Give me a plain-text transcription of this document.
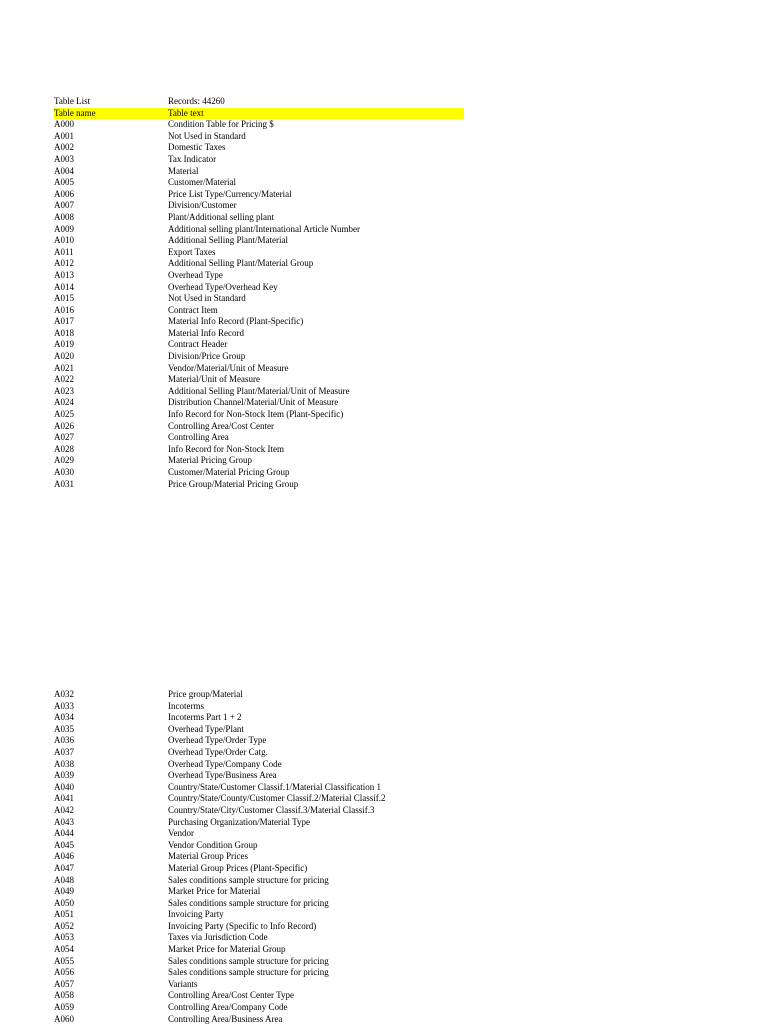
Table List	Records: 44260
Table name	Table text
A000	Condition Table for Pricing $
A001	Not Used in Standard
A002	Domestic Taxes
A003	Tax Indicator
A004	Material
A005	Customer/Material
A006	Price List Type/Currency/Material
A007	Division/Customer
A008	Plant/Additional selling plant
A009	Additional selling plant/International Article Number
A010	Additional Selling Plant/Material
A011	Export Taxes
A012	Additional Selling Plant/Material Group
A013	Overhead Type
A014	Overhead Type/Overhead Key
A015	Not Used in Standard
A016	Contract Item
A017	Material Info Record (Plant-Specific)
A018	Material Info Record
A019	Contract Header
A020	Division/Price Group
A021	Vendor/Material/Unit of Measure
A022	Material/Unit of Measure
A023	Additional Selling Plant/Material/Unit of Measure
A024	Distribution Channel/Material/Unit of Measure
A025	Info Record for Non-Stock Item (Plant-Specific)
A026	Controlling Area/Cost Center
A027	Controlling Area
A028	Info Record for Non-Stock Item
A029	Material Pricing Group
A030	Customer/Material Pricing Group
A031	Price Group/Material Pricing Group
A032	Price group/Material
A033	Incoterms
A034	Incoterms Part 1 + 2
A035	Overhead Type/Plant
A036	Overhead Type/Order Type
A037	Overhead Type/Order Catg.
A038	Overhead Type/Company Code
A039	Overhead Type/Business Area
A040	Country/State/Customer Classif.1/Material Classification 1
A041	Country/State/County/Customer Classif.2/Material Classif.2
A042	Country/State/City/Customer Classif.3/Material Classif.3
A043	Purchasing Organization/Material Type
A044	Vendor
A045	Vendor Condition Group
A046	Material Group Prices
A047	Material Group Prices (Plant-Specific)
A048	Sales conditions sample structure for pricing
A049	Market Price for Material
A050	Sales conditions sample structure for pricing
A051	Invoicing Party
A052	Invoicing Party (Specific to Info Record)
A053	Taxes via Jurisdiction Code
A054	Market Price for Material Group
A055	Sales conditions sample structure for pricing
A056	Sales conditions sample structure for pricing
A057	Variants
A058	Controlling Area/Cost Center Type
A059	Controlling Area/Company Code
A060	Controlling Area/Business Area
